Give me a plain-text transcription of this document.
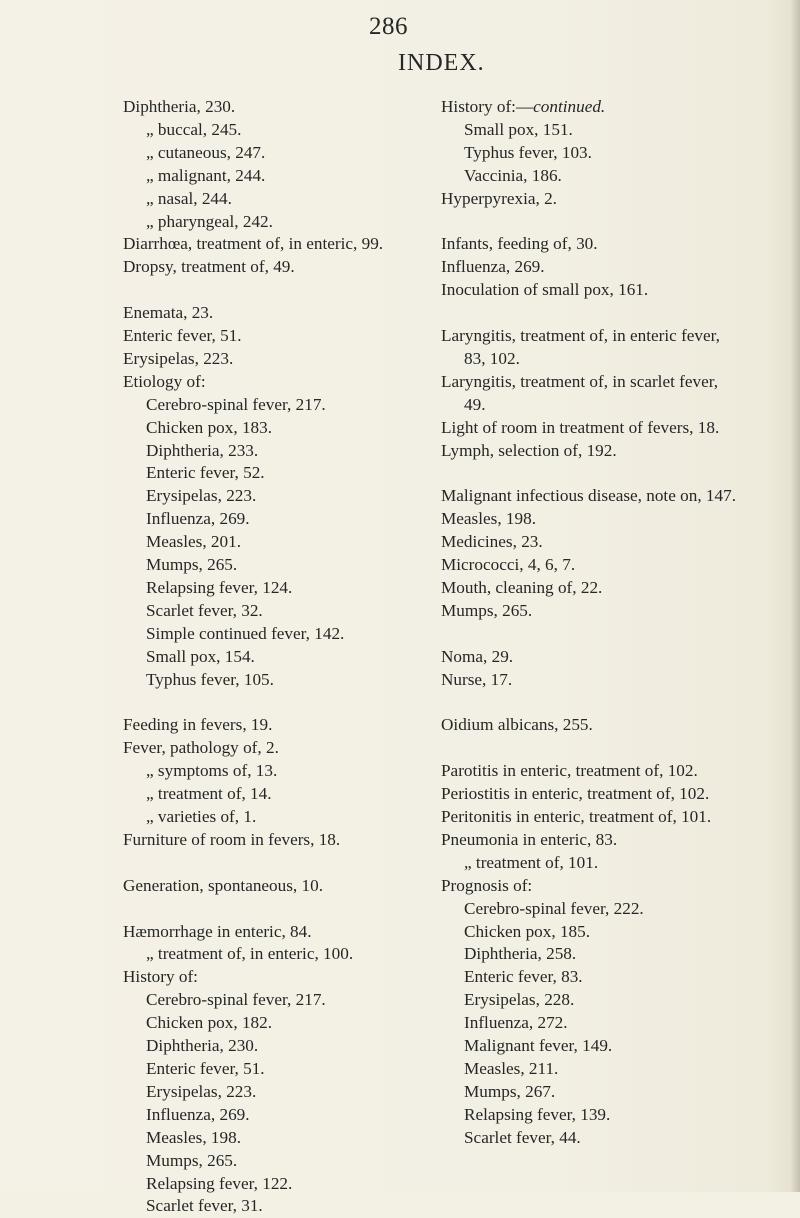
286
INDEX.

Diphtheria, 230.

„ buccal, 245.

„ cutaneous, 247.

„ malignant, 244.

„ nasal, 244.

„ pharyngeal, 242.

Diarrhœa, treatment of, in enteric, 99.

Dropsy, treatment of, 49.

Enemata, 23.

Enteric fever, 51.

Erysipelas, 223.

Etiology of:

Cerebro-spinal fever, 217.

Chicken pox, 183.

Diphtheria, 233.

Enteric fever, 52.

Erysipelas, 223.

Influenza, 269.

Measles, 201.

Mumps, 265.

Relapsing fever, 124.

Scarlet fever, 32.

Simple continued fever, 142.

Small pox, 154.

Typhus fever, 105.

Feeding in fevers, 19.

Fever, pathology of, 2.

„ symptoms of, 13.

„ treatment of, 14.

„ varieties of, 1.

Furniture of room in fevers, 18.

Generation, spontaneous, 10.

Hæmorrhage in enteric, 84.

„ treatment of, in enteric, 100.

History of:

Cerebro-spinal fever, 217.

Chicken pox, 182.

Diphtheria, 230.

Enteric fever, 51.

Erysipelas, 223.

Influenza, 269.

Measles, 198.

Mumps, 265.

Relapsing fever, 122.

Scarlet fever, 31.

History of:—continued.

Small pox, 151.

Typhus fever, 103.

Vaccinia, 186.

Hyperpyrexia, 2.

Infants, feeding of, 30.

Influenza, 269.

Inoculation of small pox, 161.

Laryngitis, treatment of, in enteric fever, 83, 102.

Laryngitis, treatment of, in scarlet fever, 49.

Light of room in treatment of fevers, 18.

Lymph, selection of, 192.

Malignant infectious disease, note on, 147.

Measles, 198.

Medicines, 23.

Micrococci, 4, 6, 7.

Mouth, cleaning of, 22.

Mumps, 265.

Noma, 29.

Nurse, 17.

Oidium albicans, 255.

Parotitis in enteric, treatment of, 102.

Periostitis in enteric, treatment of, 102.

Peritonitis in enteric, treatment of, 101.

Pneumonia in enteric, 83.

„ treatment of, 101.

Prognosis of:

Cerebro-spinal fever, 222.

Chicken pox, 185.

Diphtheria, 258.

Enteric fever, 83.

Erysipelas, 228.

Influenza, 272.

Malignant fever, 149.

Measles, 211.

Mumps, 267.

Relapsing fever, 139.

Scarlet fever, 44.
